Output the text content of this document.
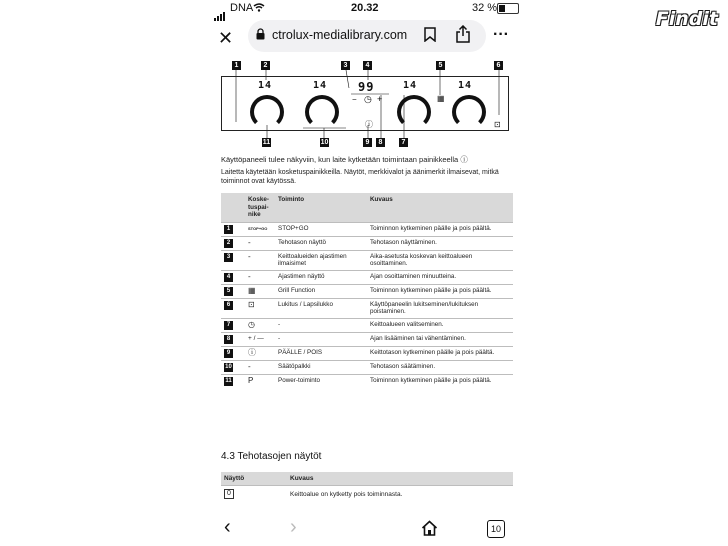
DNA	20.32	32 %	Findit
✕	ctrolux-medialibrary.com	···
1	2	3	4	5	6
14	14	14	14
99
− ◷ +
ⓘ
▦
⊡
11	10	9	8	7
Käyttöpaneeli tulee näkyviin, kun laite kytketään toimintaan painikkeella ⓘ
Laitetta käytetään kosketuspainikkeilla. Näytöt, merkkivalot ja äänimerkit ilmaisevat, mitkä toiminnot ovat käytössä.
	Koske-tuspai-nike	Toiminto	Kuvaus
1	STOP+GO	STOP+GO	Toiminnon kytkeminen päälle ja pois päältä.
2	-	Tehotason näyttö	Tehotason näyttäminen.
3	-	Keittoalueiden ajastimen ilmaisimet	Aika-asetusta koskevan keittoalueen osoittaminen.
4	-	Ajastimen näyttö	Ajan osoittaminen minuutteina.
5	▦	Grill Function	Toiminnon kytkeminen päälle ja pois päältä.
6	⊡	Lukitus / Lapsilukko	Käyttöpaneelin lukitseminen/lukituksen poistaminen.
7	◷	-	Keittoalueen valitseminen.
8	+ / —	-	Ajan lisääminen tai vähentäminen.
9	ⓘ	PÄÄLLE / POIS	Keittotason kytkeminen päälle ja pois päältä.
10	-	Säätöpalkki	Tehotason säätäminen.
11	P	Power-toiminto	Toiminnon kytkeminen päälle ja pois päältä.
4.3 Tehotasojen näytöt
Näyttö	Kuvaus
0	Keittoalue on kytketty pois toiminnasta.
‹	›	10
